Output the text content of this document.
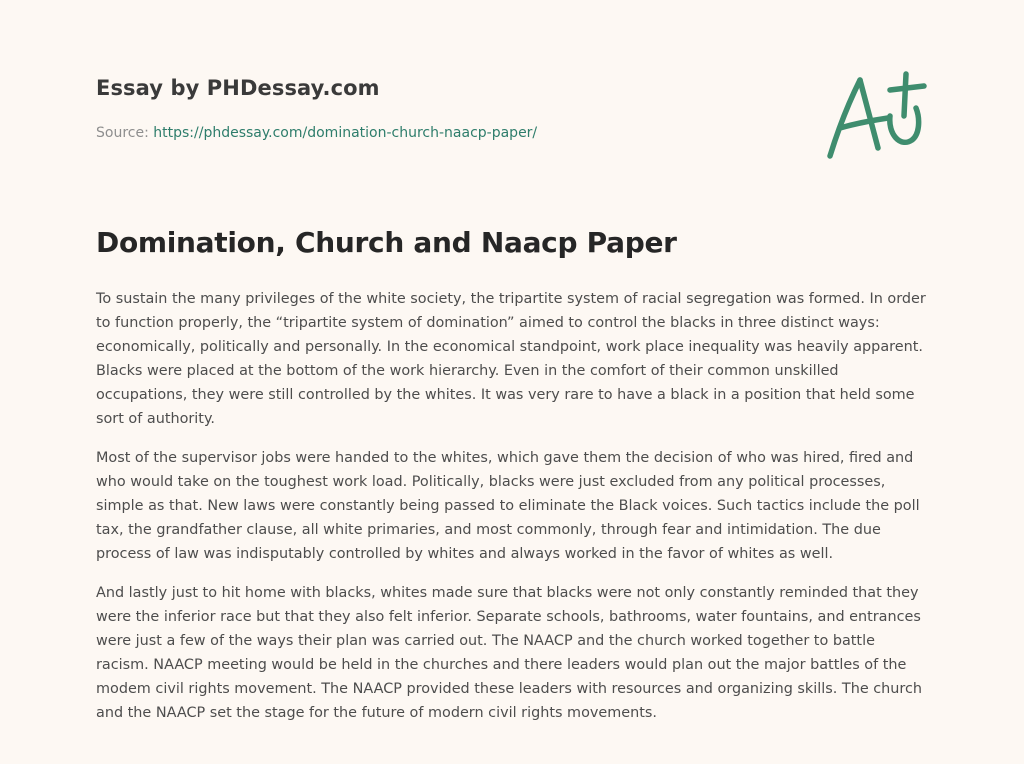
Essay by PHDessay.com
Source: https://phdessay.com/domination-church-naacp-paper/
Domination, Church and Naacp Paper

To sustain the many privileges of the white society, the tripartite system of racial segregation was formed. In order to function properly, the “tripartite system of domination” aimed to control the blacks in three distinct ways: economically, politically and personally. In the economical standpoint, work place inequality was heavily apparent. Blacks were placed at the bottom of the work hierarchy. Even in the comfort of their common unskilled occupations, they were still controlled by the whites. It was very rare to have a black in a position that held some sort of authority.

Most of the supervisor jobs were handed to the whites, which gave them the decision of who was hired, fired and who would take on the toughest work load. Politically, blacks were just excluded from any political processes, simple as that. New laws were constantly being passed to eliminate the Black voices. Such tactics include the poll tax, the grandfather clause, all white primaries, and most commonly, through fear and intimidation. The due process of law was indisputably controlled by whites and always worked in the favor of whites as well.

And lastly just to hit home with blacks, whites made sure that blacks were not only constantly reminded that they were the inferior race but that they also felt inferior. Separate schools, bathrooms, water fountains, and entrances were just a few of the ways their plan was carried out. The NAACP and the church worked together to battle racism. NAACP meeting would be held in the churches and there leaders would plan out the major battles of the modem civil rights movement. The NAACP provided these leaders with resources and organizing skills. The church and the NAACP set the stage for the future of modern civil rights movements.
